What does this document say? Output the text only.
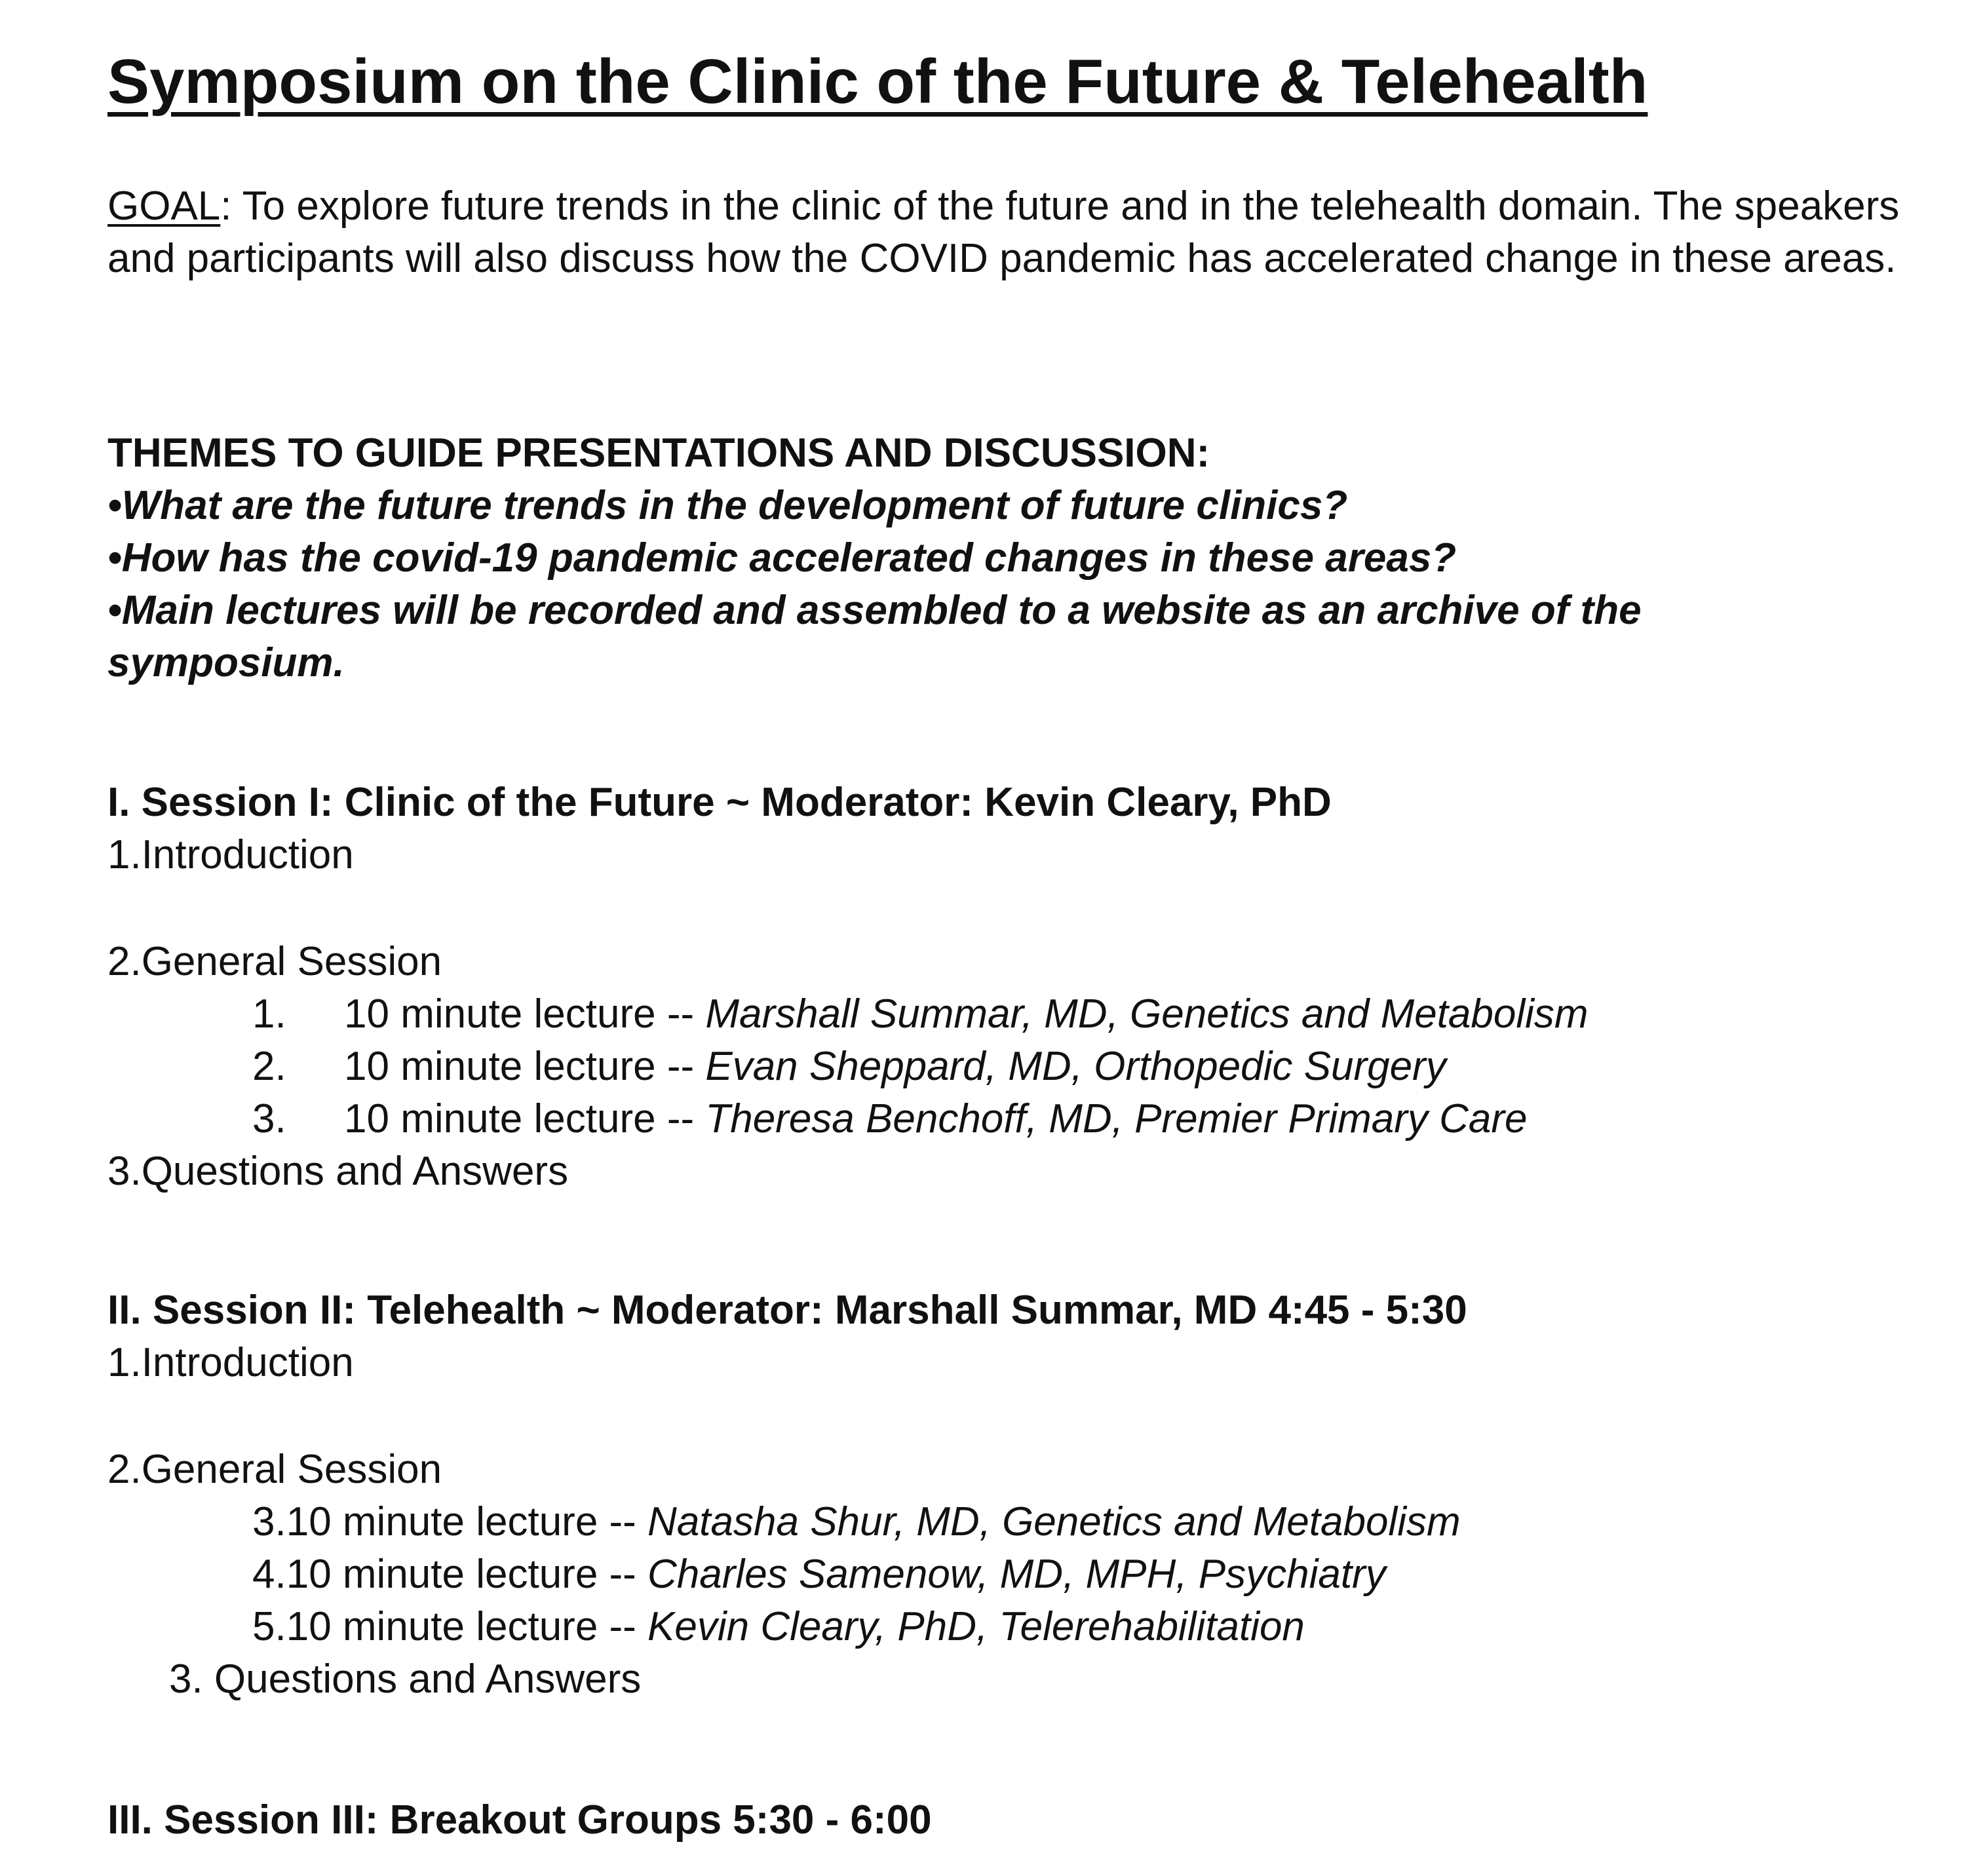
Symposium on the Clinic of the Future & Telehealth
GOAL: To explore future trends in the clinic of the future and in the telehealth domain. The speakers and participants will also discuss how the COVID pandemic has accelerated change in these areas.
THEMES TO GUIDE PRESENTATIONS AND DISCUSSION:
•What are the future trends in the development of future clinics?
•How has the covid-19 pandemic accelerated changes in these areas?
•Main lectures will be recorded and assembled to a website as an archive of the symposium.
I. Session I: Clinic of the Future ~ Moderator: Kevin Cleary, PhD
1.Introduction
2.General Session
1. 10 minute lecture -- Marshall Summar, MD, Genetics and Metabolism
2. 10 minute lecture -- Evan Sheppard, MD, Orthopedic Surgery
3. 10 minute lecture -- Theresa Benchoff, MD, Premier Primary Care
3.Questions and Answers
II. Session II: Telehealth ~ Moderator: Marshall Summar, MD 4:45 - 5:30
1.Introduction
2.General Session
3.10 minute lecture -- Natasha Shur, MD, Genetics and Metabolism
4.10 minute lecture -- Charles Samenow, MD, MPH, Psychiatry
5.10 minute lecture -- Kevin Cleary, PhD, Telerehabilitation
3. Questions and Answers
III. Session III: Breakout Groups 5:30 - 6:00
